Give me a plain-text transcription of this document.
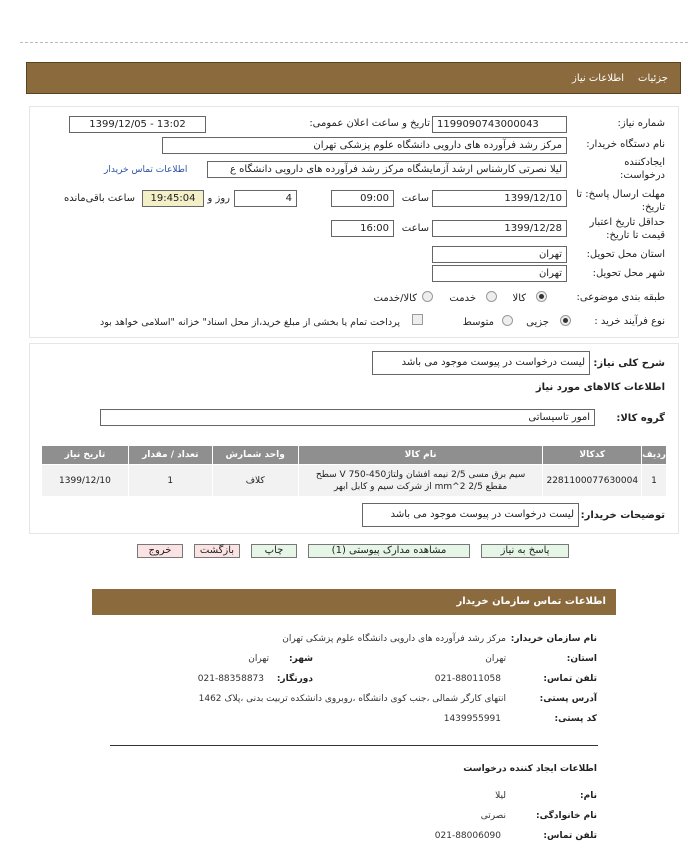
جزئیات
اطلاعات نیاز
شماره نیاز:
1199090743000043
تاریخ و ساعت اعلان عمومی:
1399/12/05 - 13:02
نام دستگاه خریدار:
مرکز رشد فرآورده های دارویی دانشگاه علوم پزشکی تهران
ایجادکننده
درخواست:
لیلا نصرتی کارشناس ارشد آزمایشگاه مرکز رشد فرآورده های دارویی دانشگاه ع
اطلاعات تماس خریدار
مهلت ارسال پاسخ: تا
تاریخ:
1399/12/10
ساعت
09:00
4
روز و
19:45:04
ساعت باقی‌مانده
حداقل تاریخ اعتبار
قیمت تا تاریخ:
1399/12/28
ساعت
16:00
استان محل تحویل:
تهران
شهر محل تحویل:
تهران
طبقه بندی موضوعی:
کالا
خدمت
کالا/خدمت
نوع فرآیند خرید :
جزیی
متوسط
پرداخت تمام یا بخشی از مبلغ خرید،از محل اسناد" خزانه "اسلامی خواهد بود
شرح کلی نیاز:
لیست درخواست در پیوست موجود می باشد
اطلاعات کالاهای مورد نیاز
گروه کالا:
امور تاسیساتی
ردیف	کدکالا	نام کالا	واحد شمارش	تعداد / مقدار	تاریخ نیاز
1	2281100077630004	سیم برق مسی 2/5 نیمه افشان ولتاژ450-750 V سطح
مقطع 2/5 mm^2 از شرکت سیم و کابل ابهر	کلاف	1	1399/12/10
توضیحات خریدار:
لیست درخواست در پیوست موجود می باشد
پاسخ به نیاز
مشاهده مدارک پیوستی (1)
چاپ
بازگشت
خروج
اطلاعات تماس سازمان خریدار
نام سازمان خریدار:
مرکز رشد فرآورده های دارویی دانشگاه علوم پزشکی تهران
استان:
تهران
شهر:
تهران
تلفن تماس:
021-88011058
دورنگار:
021-88358873
آدرس پستی:
انتهای کارگر شمالی ،جنب کوی دانشگاه ،روبروی دانشکده تربیت بدنی ،پلاک 1462
کد پستی:
1439955991
اطلاعات ایجاد کننده درخواست
نام:
لیلا
نام خانوادگی:
نصرتی
تلفن تماس:
021-88006090
